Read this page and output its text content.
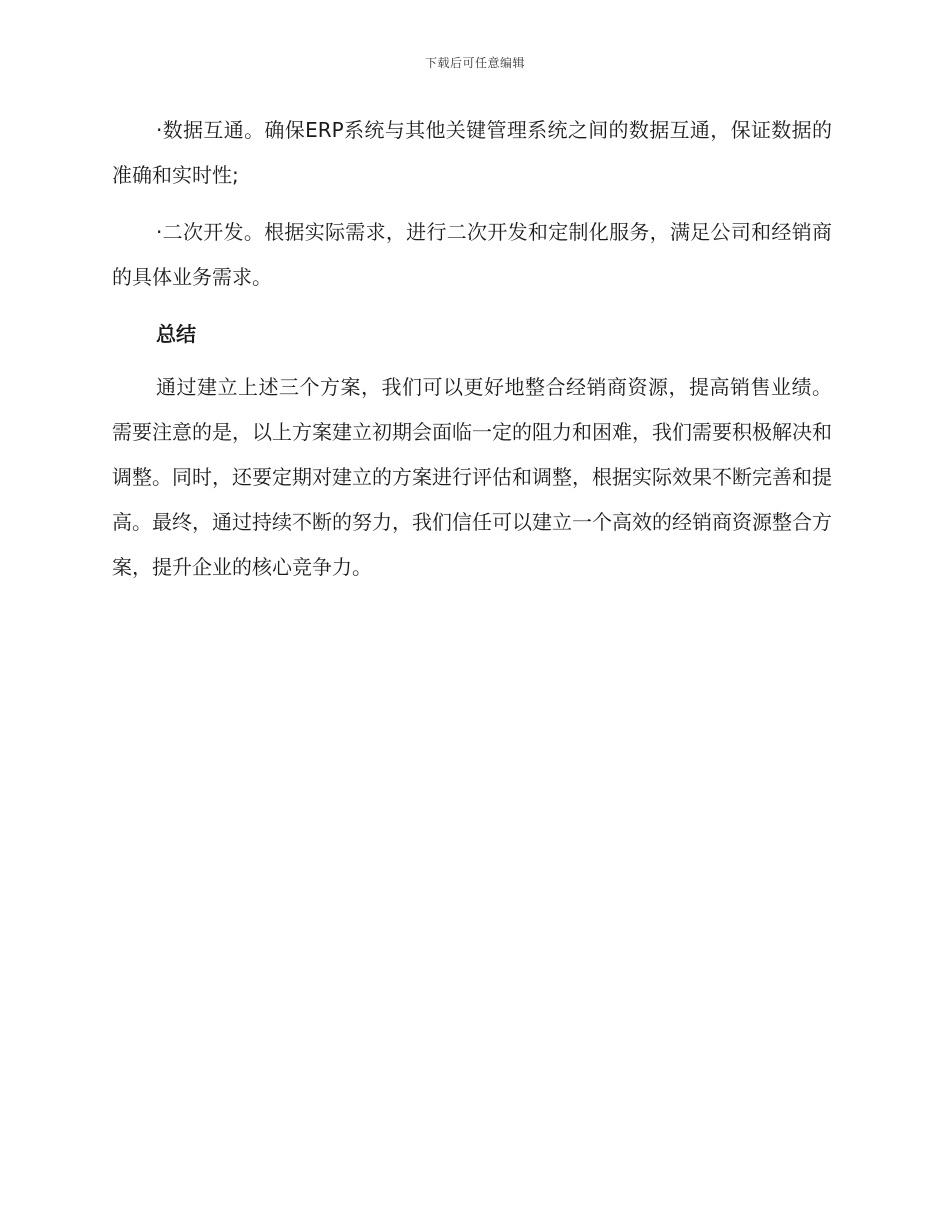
下载后可任意编辑

·数据互通。确保ERP系统与其他关键管理系统之间的数据互通，保证数据的准确和实时性;

·二次开发。根据实际需求，进行二次开发和定制化服务，满足公司和经销商的具体业务需求。

总结

通过建立上述三个方案，我们可以更好地整合经销商资源，提高销售业绩。需要注意的是，以上方案建立初期会面临一定的阻力和困难，我们需要积极解决和调整。同时，还要定期对建立的方案进行评估和调整，根据实际效果不断完善和提高。最终，通过持续不断的努力，我们信任可以建立一个高效的经销商资源整合方案，提升企业的核心竞争力。
